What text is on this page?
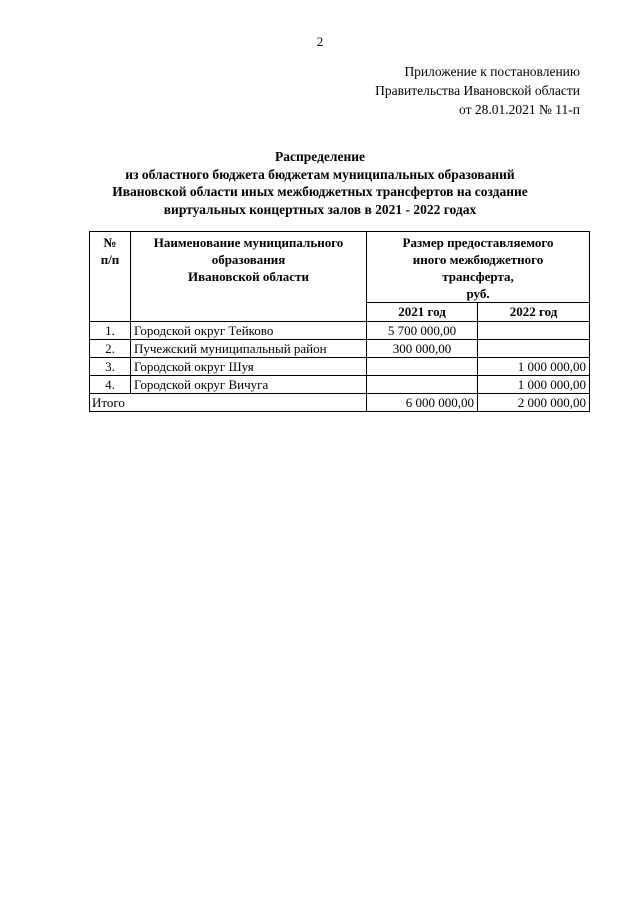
2
Приложение к постановлению
Правительства Ивановской области
от 28.01.2021 № 11-п
Распределение
из областного бюджета бюджетам муниципальных образований
Ивановской области иных межбюджетных трансфертов на создание
виртуальных концертных залов в 2021 - 2022 годах
№
п/п	Наименование муниципального
образования
Ивановской области	Размер предоставляемого
иного межбюджетного
трансферта,
руб.	

		2021 год	2022 год
1.	Городской округ Тейково	5 700 000,00	
2.	Пучежский муниципальный район	300 000,00	
3.	Городской округ Шуя		1 000 000,00
4.	Городской округ Вичуга		1 000 000,00
Итого		6 000 000,00	2 000 000,00
